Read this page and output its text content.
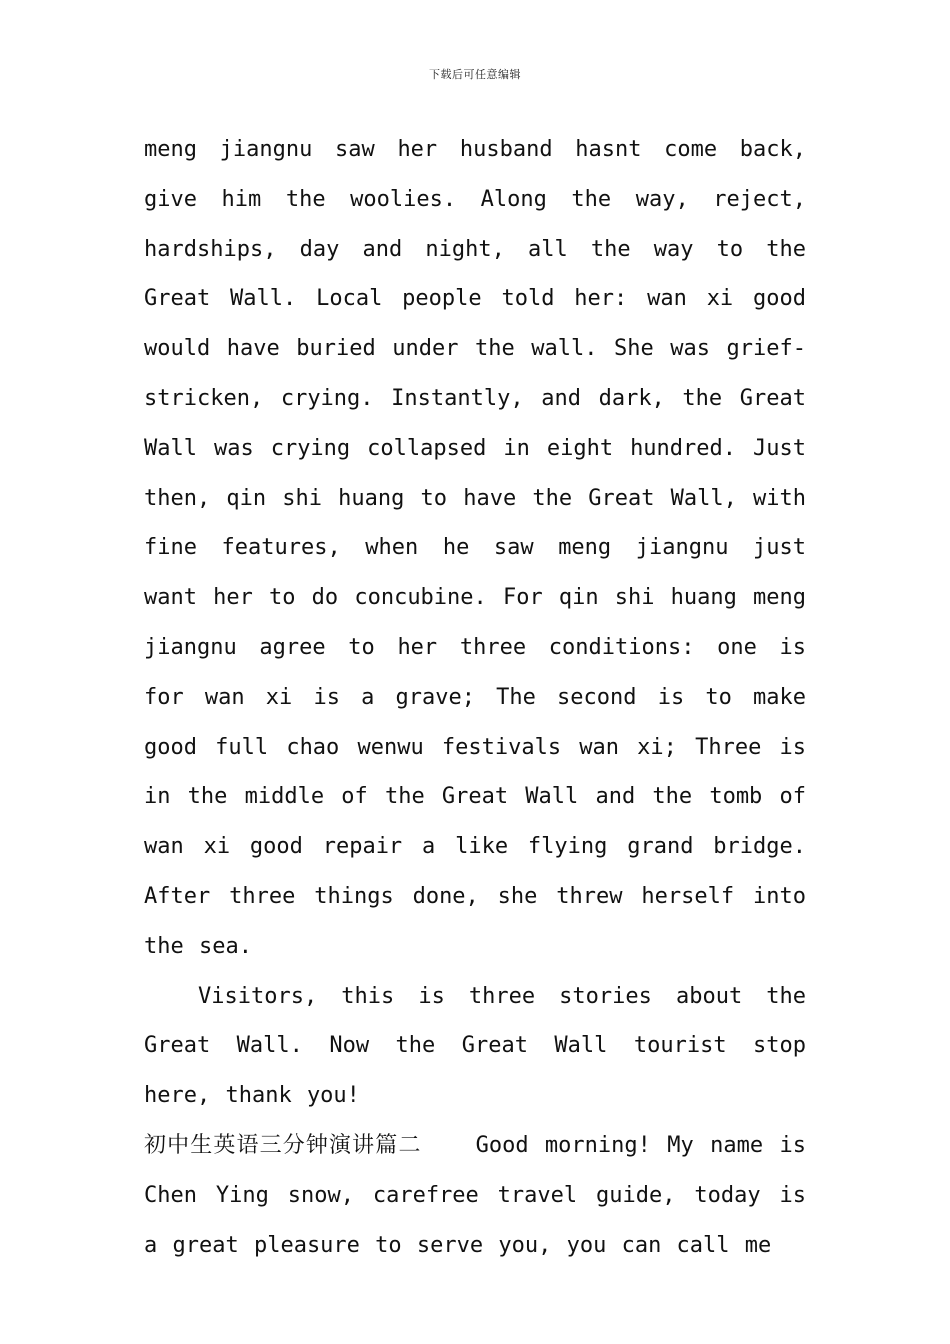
下载后可任意编辑

meng jiangnu saw her husband hasnt come back, give him the woolies. Along the way, reject, hardships, day and night, all the way to the Great Wall. Local people told her: wan xi good would have buried under the wall. She was grief-stricken, crying. Instantly, and dark, the Great Wall was crying collapsed in eight hundred. Just then, qin shi huang to have the Great Wall, with fine features, when he saw meng jiangnu just want her to do concubine. For qin shi huang meng jiangnu agree to her three conditions: one is for wan xi is a grave; The second is to make good full chao wenwu festivals wan xi; Three is in the middle of the Great Wall and the tomb of wan xi good repair a like flying grand bridge. After three things done, she threw herself into the sea.

Visitors, this is three stories about the Great Wall. Now the Great Wall tourist stop here, thank you!

初中生英语三分钟演讲篇二 Good morning! My name is Chen Ying snow, carefree travel guide, today is a great pleasure to serve you, you can call me
